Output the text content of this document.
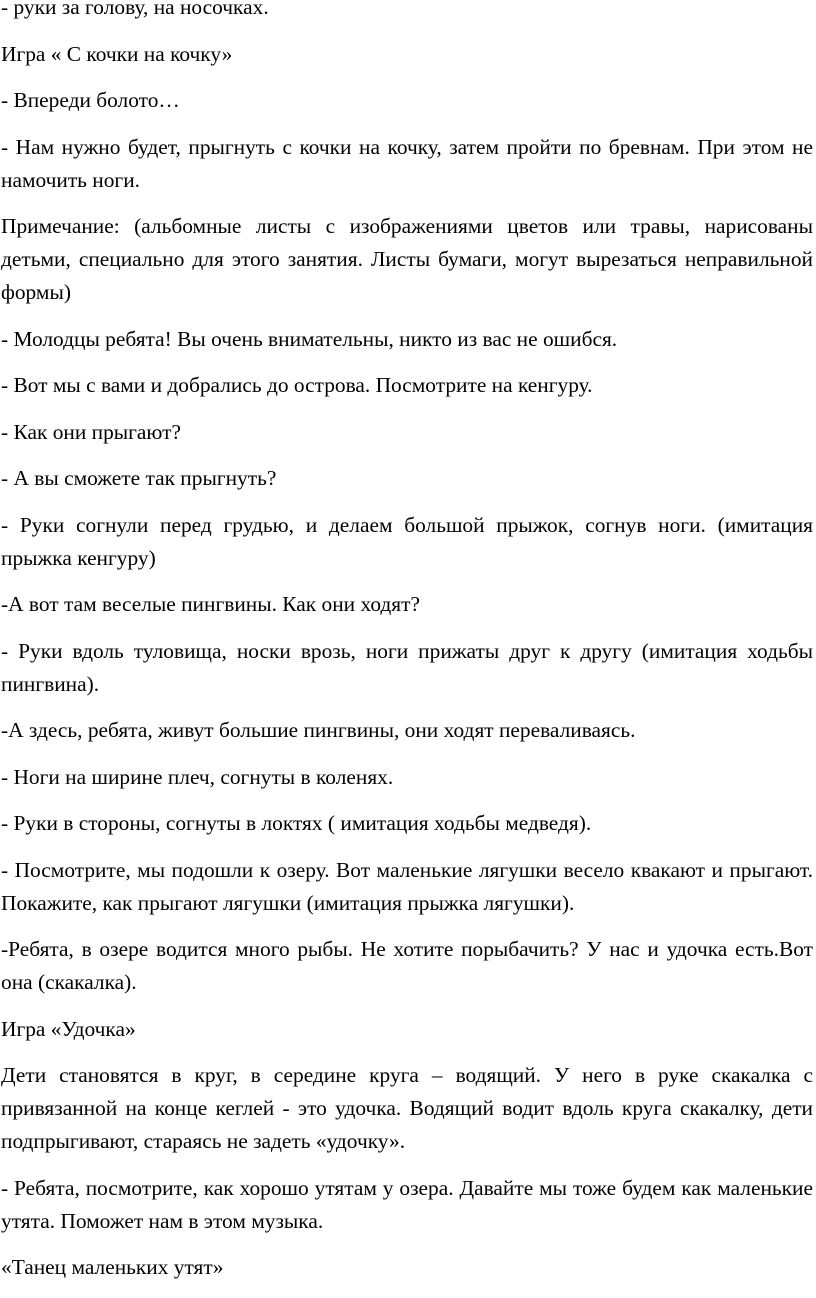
- руки за голову, на носочках.

Игра « С кочки на кочку»

- Впереди болото…

- Нам нужно будет, прыгнуть с кочки на кочку, затем пройти по бревнам. При этом не намочить ноги.

Примечание: (альбомные листы с изображениями цветов или травы, нарисованы детьми, специально для этого занятия. Листы бумаги, могут вырезаться неправильной формы)

- Молодцы ребята! Вы очень внимательны, никто из вас не ошибся.

- Вот мы с вами и добрались до острова. Посмотрите на кенгуру.

- Как они прыгают?

- А вы сможете так прыгнуть?

- Руки согнули перед грудью, и делаем большой прыжок, согнув ноги. (имитация прыжка кенгуру)

-А вот там веселые пингвины. Как они ходят?

- Руки вдоль туловища, носки врозь, ноги прижаты друг к другу (имитация ходьбы пингвина).

-А здесь, ребята, живут большие пингвины, они ходят переваливаясь.

- Ноги на ширине плеч, согнуты в коленях.

- Руки в стороны, согнуты в локтях ( имитация ходьбы медведя).

- Посмотрите, мы подошли к озеру. Вот маленькие лягушки весело квакают и прыгают. Покажите, как прыгают лягушки (имитация прыжка лягушки).

-Ребята, в озере водится много рыбы. Не хотите порыбачить? У нас и удочка есть.Вот она (скакалка).

Игра «Удочка»

Дети становятся в круг, в середине круга – водящий. У него в руке скакалка с привязанной на конце кеглей - это удочка. Водящий водит вдоль круга скакалку, дети подпрыгивают, стараясь не задеть «удочку».

- Ребята, посмотрите, как хорошо утятам у озера. Давайте мы тоже будем как маленькие утята. Поможет нам в этом музыка.

«Танец маленьких утят»
